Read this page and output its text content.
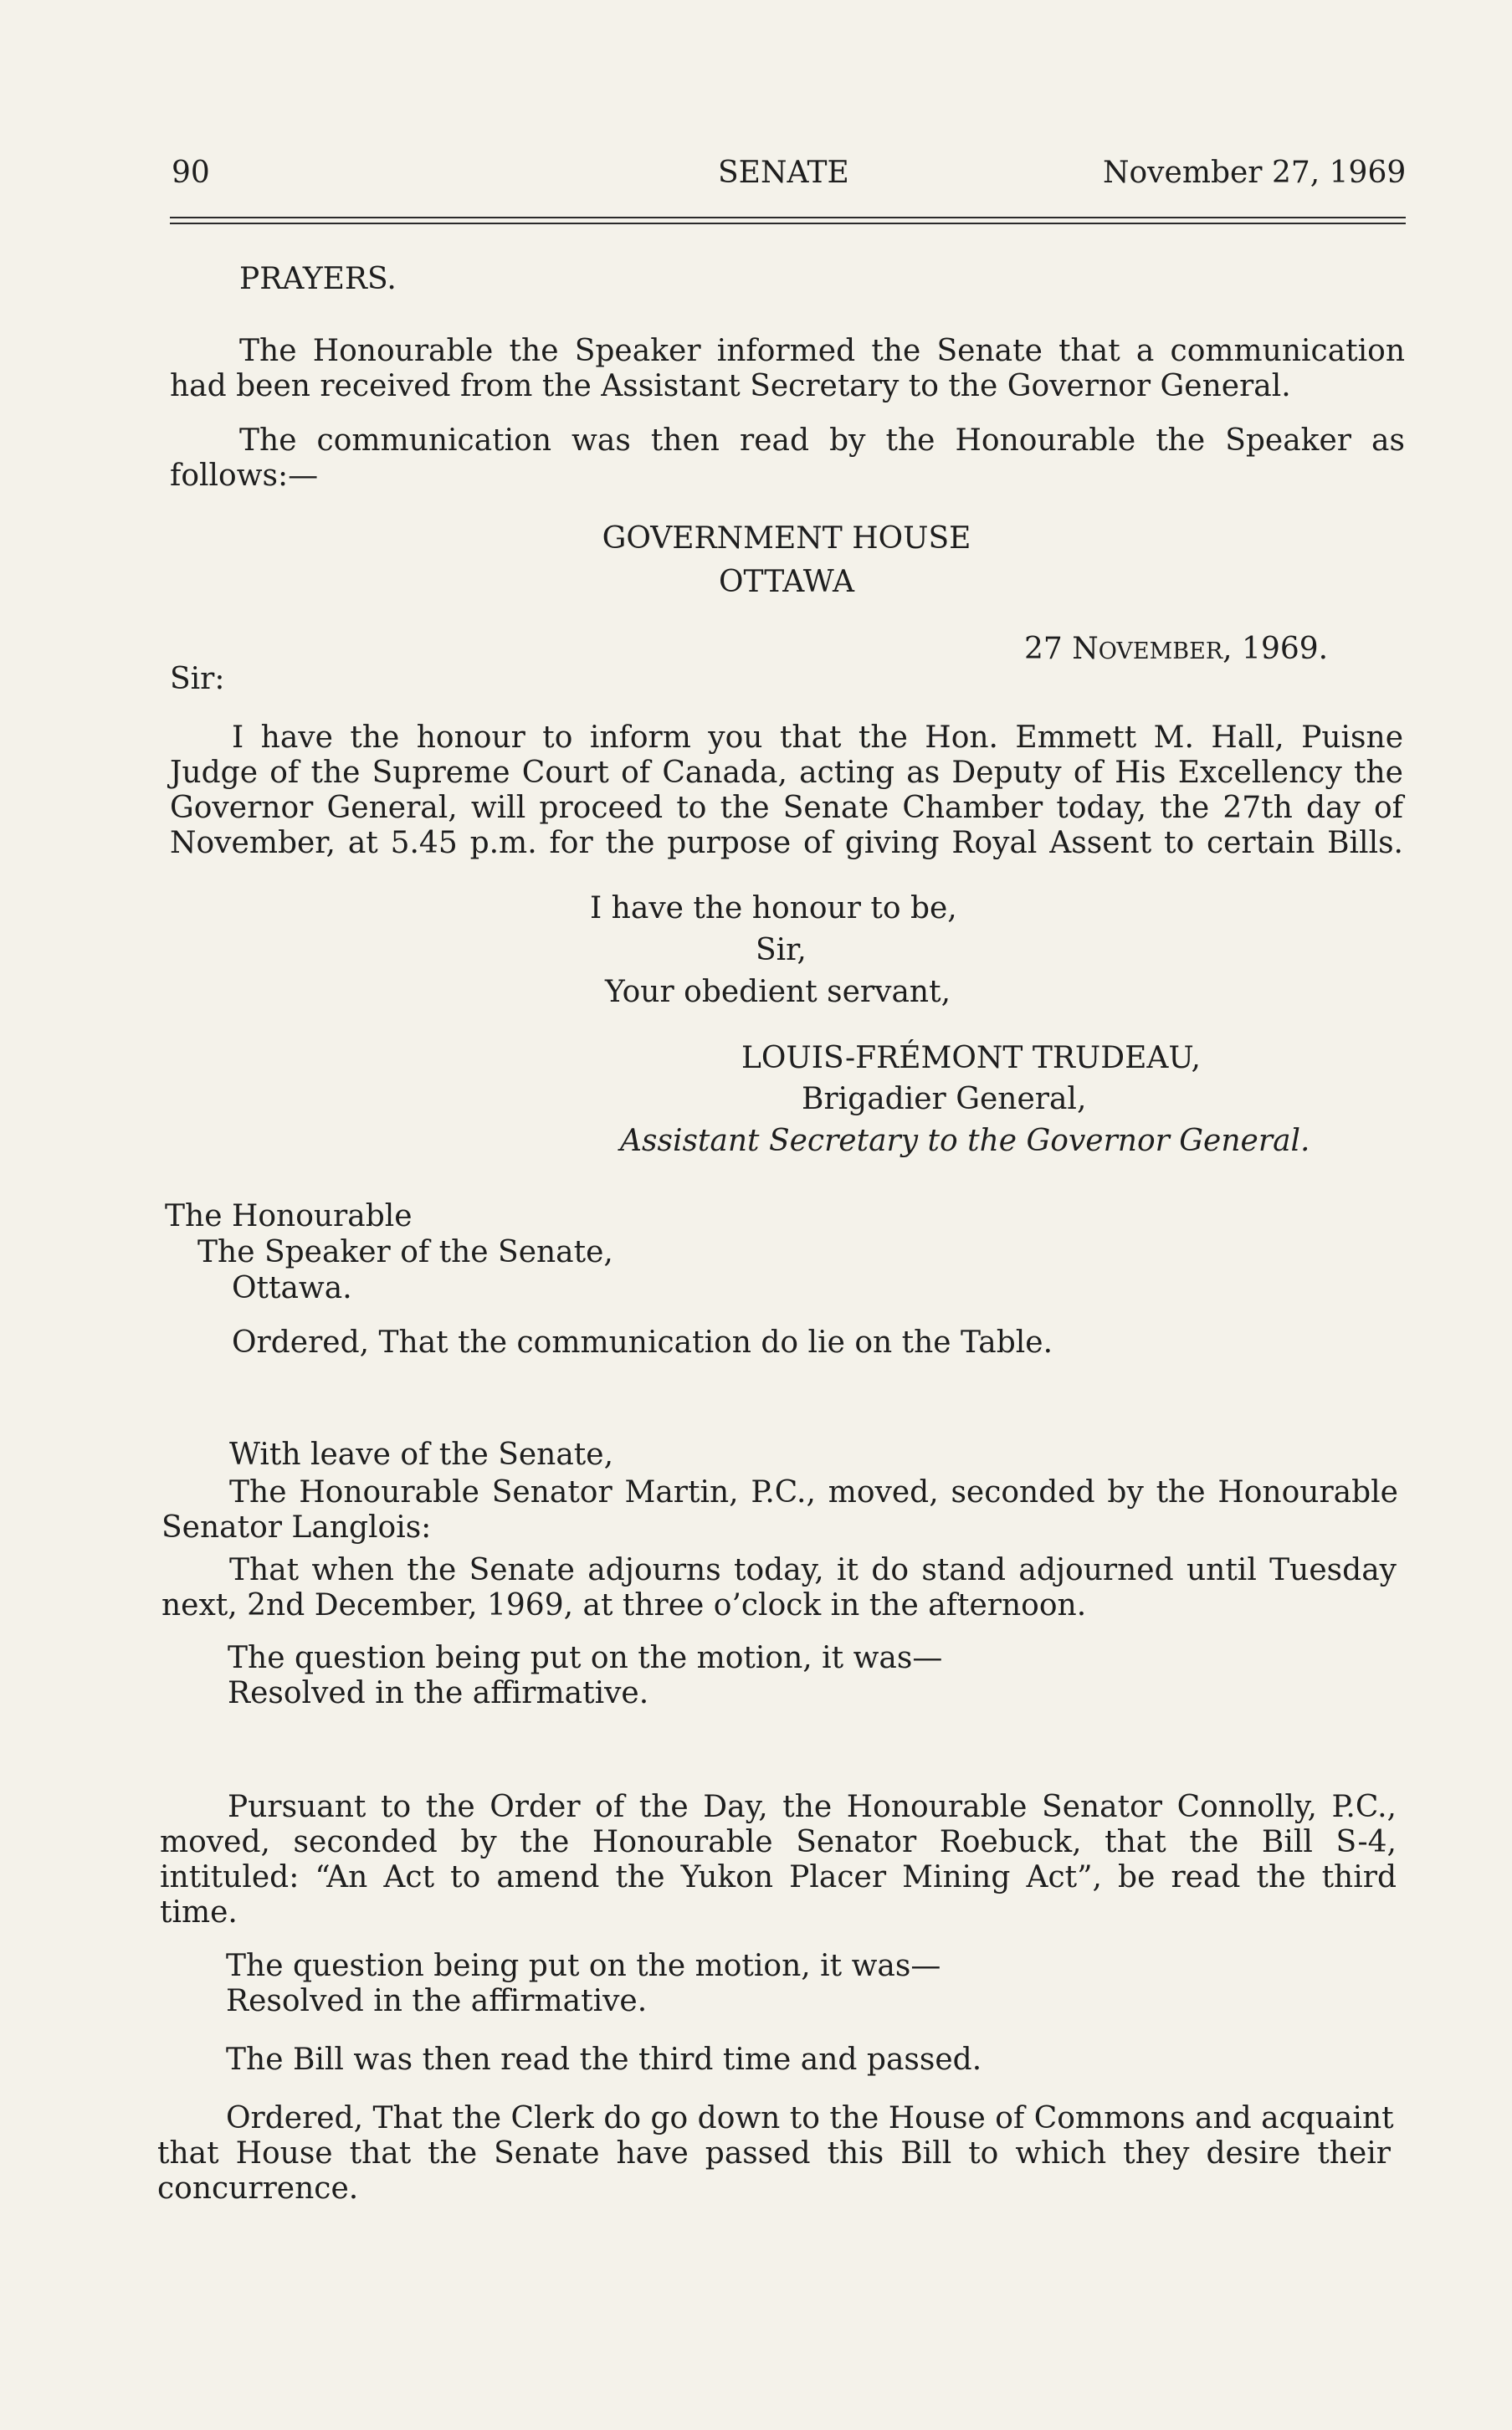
90	SENATE	November 27, 1969
PRAYERS.
The Honourable the Speaker informed the Senate that a communication
had been received from the Assistant Secretary to the Governor General.
The communication was then read by the Honourable the Speaker as
follows:—
GOVERNMENT HOUSE
OTTAWA
27 NOVEMBER, 1969.
Sir:
I have the honour to inform you that the Hon. Emmett M. Hall, Puisne
Judge of the Supreme Court of Canada, acting as Deputy of His Excellency the
Governor General, will proceed to the Senate Chamber today, the 27th day of
November, at 5.45 p.m. for the purpose of giving Royal Assent to certain Bills.
I have the honour to be,
Sir,
Your obedient servant,
LOUIS-FRÉMONT TRUDEAU,
Brigadier General,
Assistant Secretary to the Governor General.
The Honourable
The Speaker of the Senate,
Ottawa.
Ordered, That the communication do lie on the Table.
With leave of the Senate,
The Honourable Senator Martin, P.C., moved, seconded by the Honourable
Senator Langlois:
That when the Senate adjourns today, it do stand adjourned until Tuesday
next, 2nd December, 1969, at three o’clock in the afternoon.
The question being put on the motion, it was—
Resolved in the affirmative.
Pursuant to the Order of the Day, the Honourable Senator Connolly, P.C.,
moved, seconded by the Honourable Senator Roebuck, that the Bill S-4,
intituled: “An Act to amend the Yukon Placer Mining Act”, be read the third
time.
The question being put on the motion, it was—
Resolved in the affirmative.
The Bill was then read the third time and passed.
Ordered, That the Clerk do go down to the House of Commons and acquaint
that House that the Senate have passed this Bill to which they desire their
concurrence.
